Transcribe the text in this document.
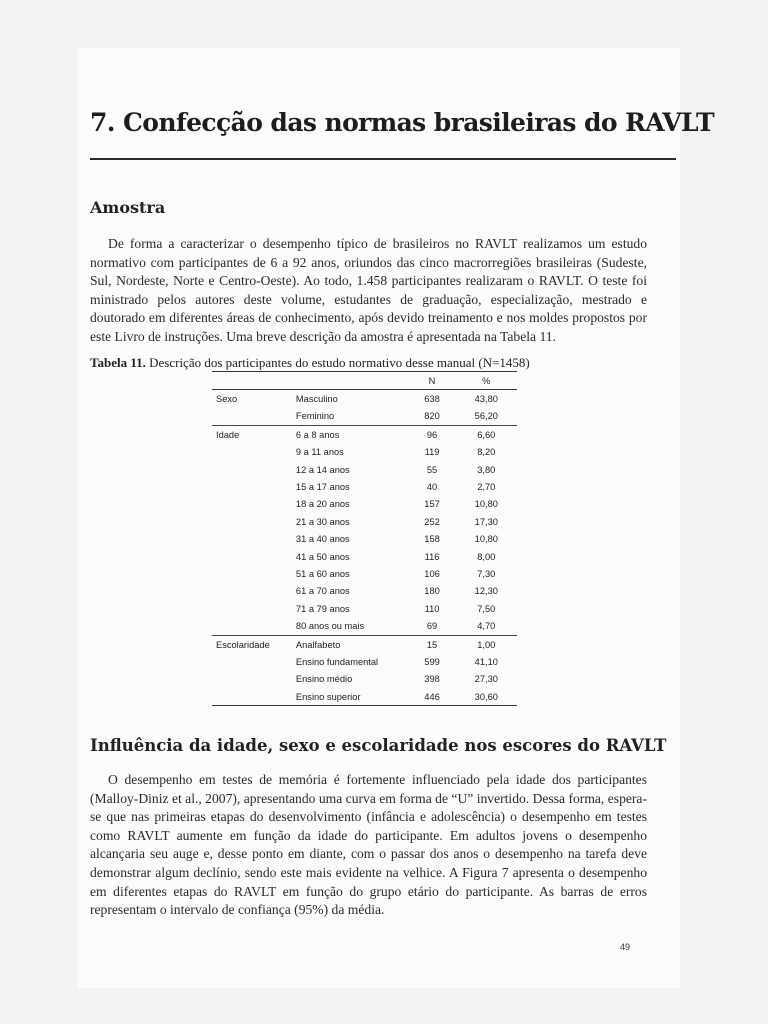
7. Confecção das normas brasileiras do RAVLT
Amostra

De forma a caracterizar o desempenho típico de brasileiros no RAVLT realizamos um estudo normativo com participantes de 6 a 92 anos, oriundos das cinco macrorregiões brasileiras (Sudeste, Sul, Nordeste, Norte e Centro-Oeste). Ao todo, 1.458 participantes realizaram o RAVLT. O teste foi ministrado pelos autores deste volume, estudantes de graduação, especialização, mestrado e doutorado em diferentes áreas de conhecimento, após devido treinamento e nos moldes propostos por este Livro de instruções. Uma breve descrição da amostra é apresentada na Tabela 11.

Tabela 11. Descrição dos participantes do estudo normativo desse manual (N=1458)
		N	%
Sexo	Masculino	638	43,80
	Feminino	820	56,20
Idade	6 a 8 anos	96	6,60
	9 a 11 anos	119	8,20
	12 a 14 anos	55	3,80
	15 a 17 anos	40	2,70
	18 a 20 anos	157	10,80
	21 a 30 anos	252	17,30
	31 a 40 anos	158	10,80
	41 a 50 anos	116	8,00
	51 a 60 anos	106	7,30
	61 a 70 anos	180	12,30
	71 a 79 anos	110	7,50
	80 anos ou mais	69	4,70
Escolaridade	Analfabeto	15	1,00
	Ensino fundamental	599	41,10
	Ensino médio	398	27,30
	Ensino superior	446	30,60
Influência da idade, sexo e escolaridade nos escores do RAVLT

O desempenho em testes de memória é fortemente influenciado pela idade dos participantes (Malloy-Diniz et al., 2007), apresentando uma curva em forma de “U” invertido. Dessa forma, espera-se que nas primeiras etapas do desenvolvimento (infância e adolescência) o desempenho em testes como RAVLT aumente em função da idade do participante. Em adultos jovens o desempenho alcançaria seu auge e, desse ponto em diante, com o passar dos anos o desempenho na tarefa deve demonstrar algum declínio, sendo este mais evidente na velhice. A Figura 7 apresenta o desempenho em diferentes etapas do RAVLT em função do grupo etário do participante. As barras de erros representam o intervalo de confiança (95%) da média.

49
